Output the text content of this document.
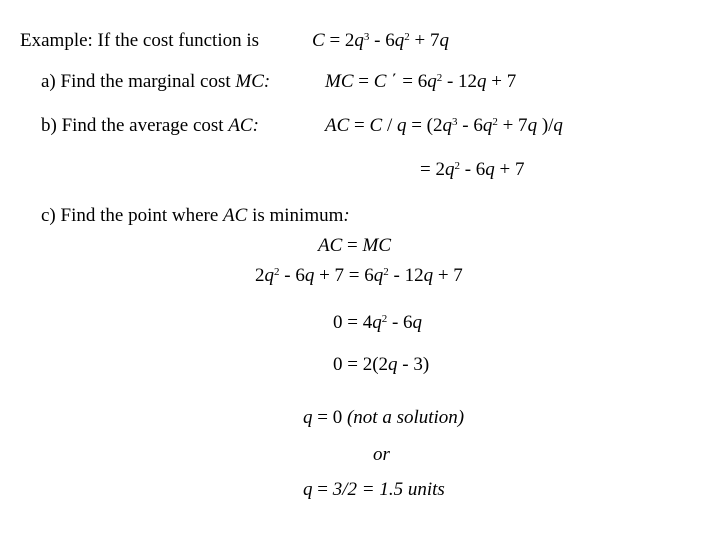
Example: If the cost function is	$C = 2q^3 - 6q^2 + 7q$
a) Find the marginal cost MC:	MC = C ΄ = $6q^2 - 12q + 7$
b) Find the average cost AC:	AC = $C / q = (2q^3 - 6q^2 + 7q$ )/q
= $2q^2 - 6q + 7$
c) Find the point where AC is minimum:
AC = MC
$2q^2 - 6q + 7 = 6q^2 - 12q + 7$
$0 = 4q^2 - 6q$
0 = 2(2q - 3)
q = 0 (not a solution)
or
q = 3/2 = 1.5 units
